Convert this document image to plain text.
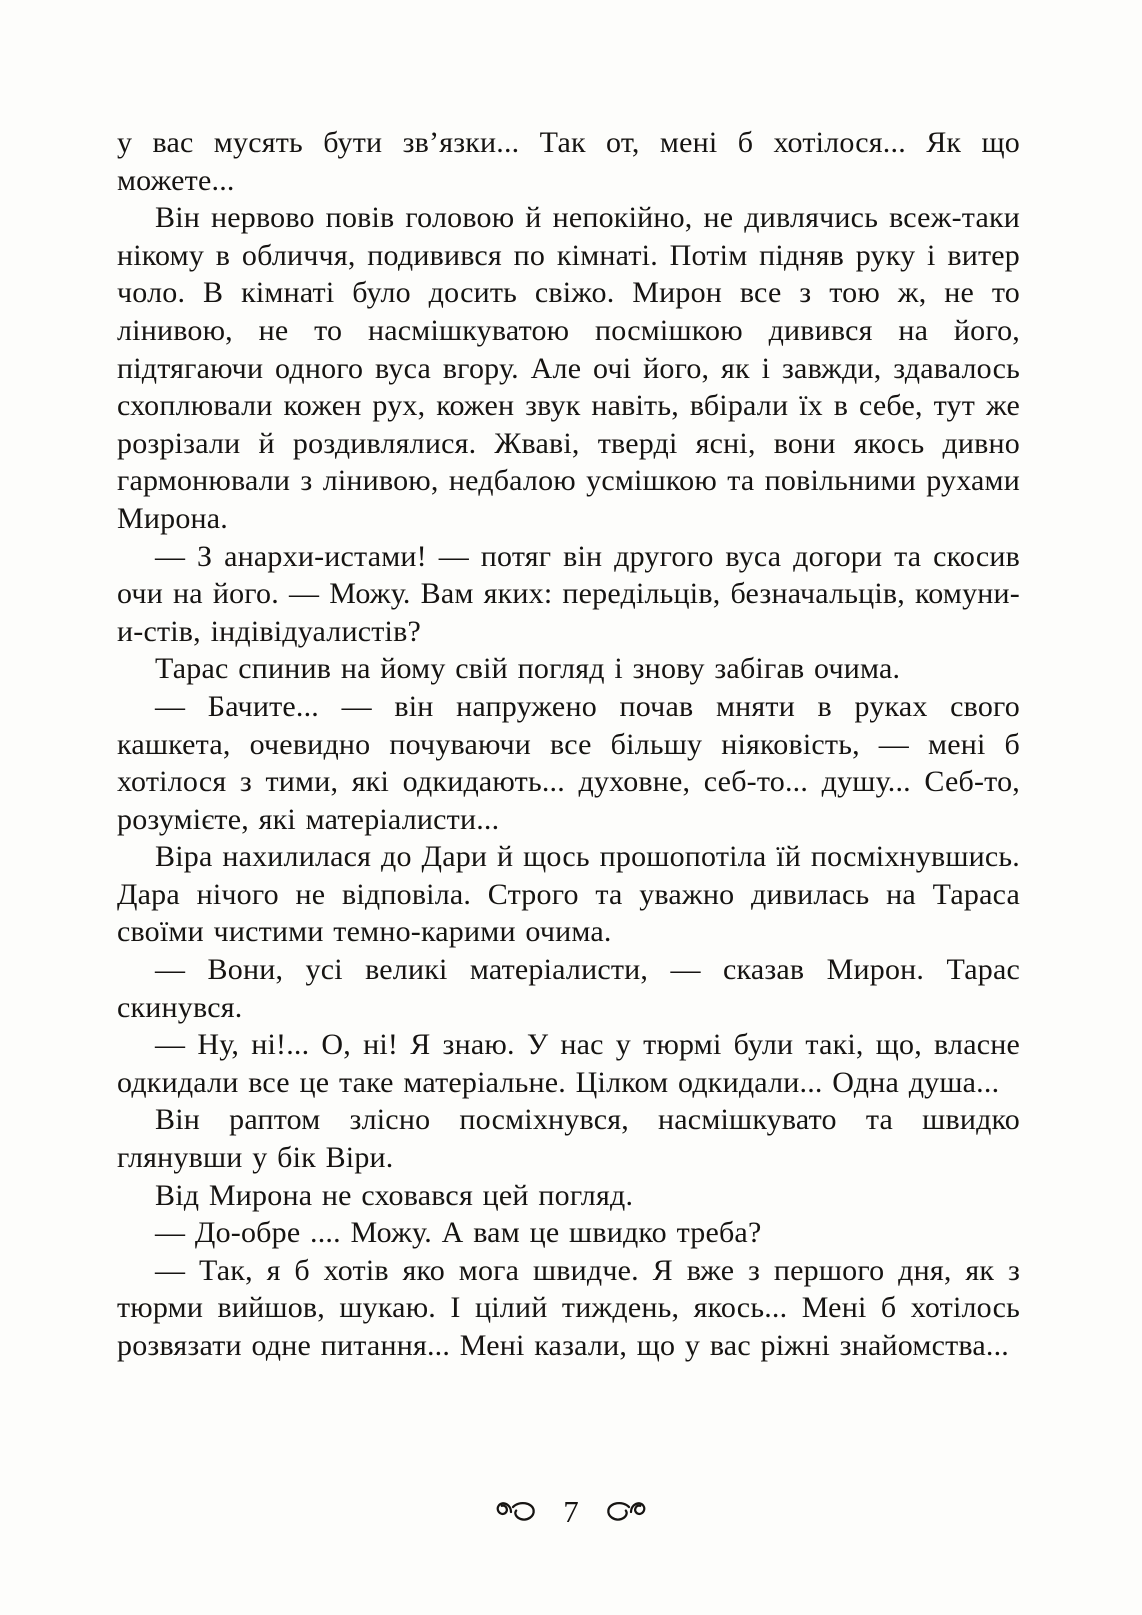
у вас мусять бути зв’язки... Так от, мені б хотілося... Як що можете...

Він нервово повів головою й непокійно, не дивлячись всеж-таки нікому в обличчя, подивився по кімнаті. Потім підняв руку і витер чоло. В кімнаті було досить свіжо. Мирон все з тою ж, не то лінивою, не то насмішкуватою посмішкою дивився на його, підтягаючи одного вуса вгору. Але очі його, як і завжди, здавалось схоплювали кожен рух, кожен звук навіть, вбірали їх в себе, тут же розрізали й роздивлялися. Жваві, тверді ясні, вони якось дивно гармонювали з лінивою, недбалою усмішкою та повільними рухами Мирона.

— З анархи-истами! — потяг він другого вуса догори та скосив очи на його. — Можу. Вам яких: передільців, безначальців, комуни-и-стів, індівідуалистів?

Тарас спинив на йому свій погляд і знову забігав очима.

— Бачите... — він напружено почав мняти в руках свого кашкета, очевидно почуваючи все більшу ніяковість, — мені б хотілося з тими, які одкидають... духовне, себ-то... душу... Себ-то, розумієте, які матеріалисти...

Віра нахилилася до Дари й щось прошопотіла їй посміхнувшись. Дара нічого не відповіла. Строго та уважно дивилась на Тараса своїми чистими темно-карими очима.

— Вони, усі великі матеріалисти, — сказав Мирон. Тарас скинувся.

— Ну, ні!... О, ні! Я знаю. У нас у тюрмі були такі, що, власне одкидали все це таке матеріальне. Цілком одкидали... Одна душа...

Він раптом злісно посміхнувся, насмішкувато та швидко глянувши у бік Віри.

Від Мирона не сховався цей погляд.

— До-обре .... Можу. А вам це швидко треба?

— Так, я б хотів яко мога швидче. Я вже з першого дня, як з тюрми вийшов, шукаю. І цілий тиждень, якось... Мені б хотілось розвязати одне питання... Мені казали, що у вас ріжні знайомства...

7
